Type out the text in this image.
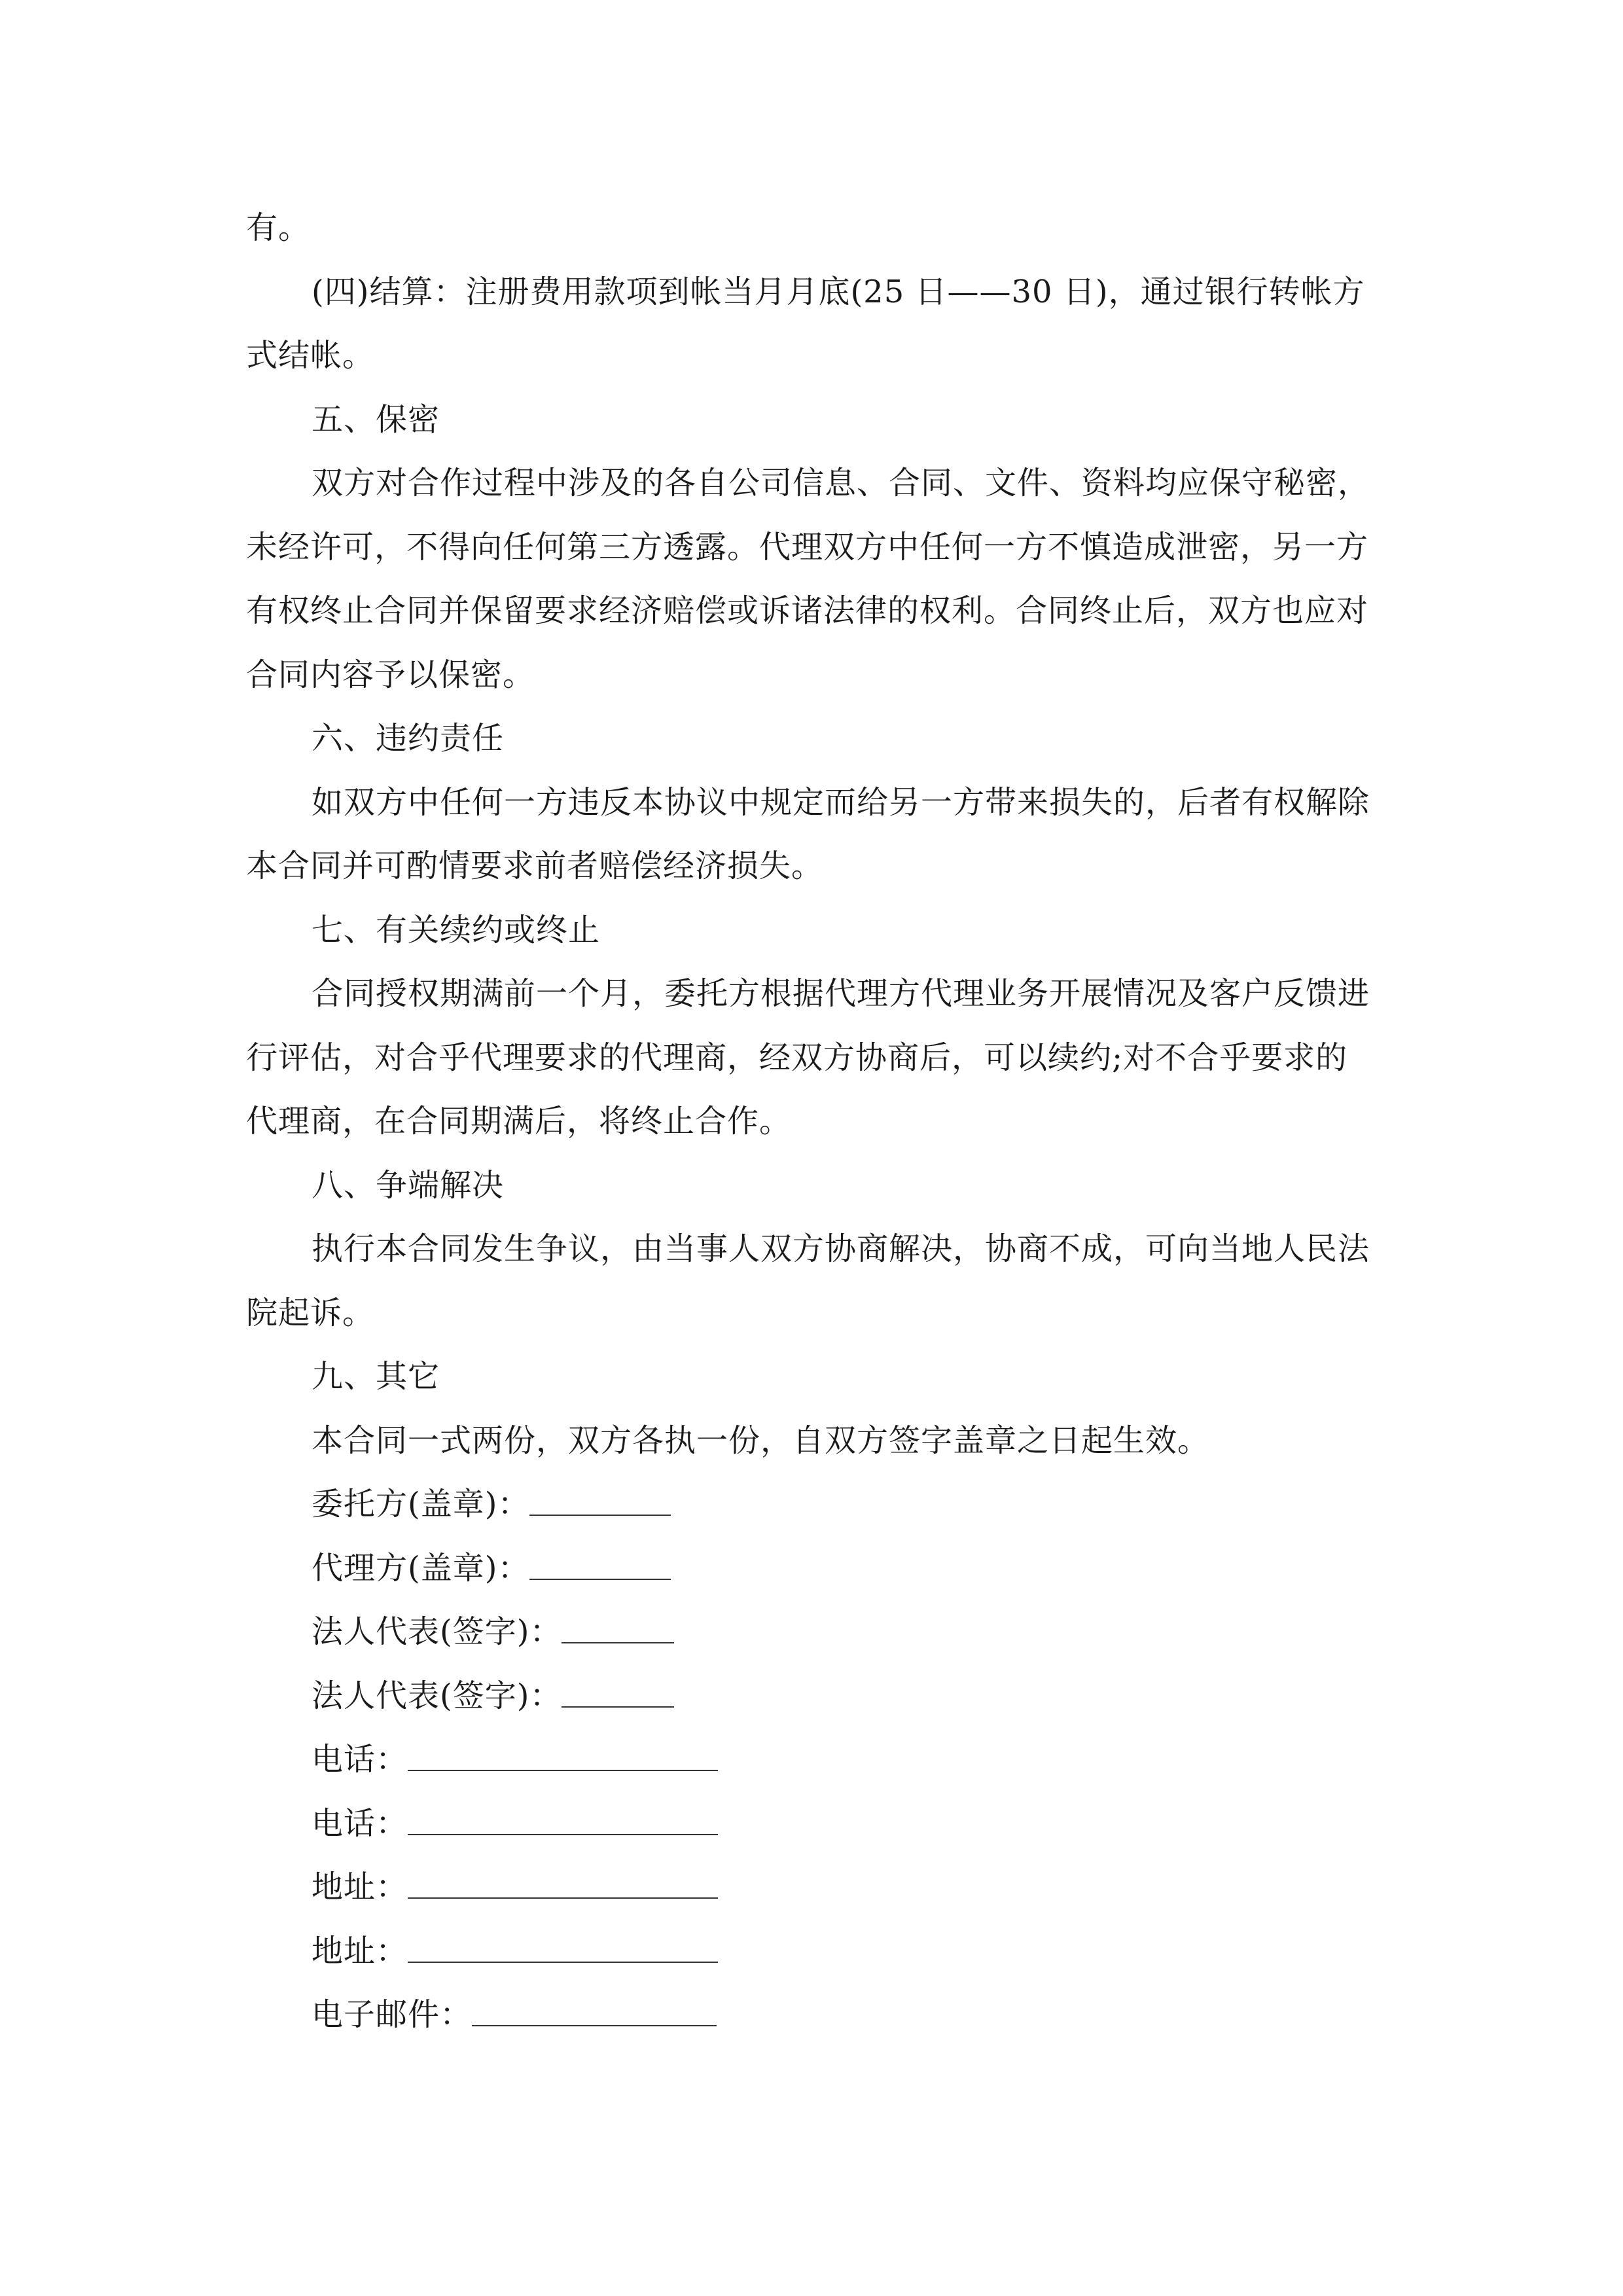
有。
(四)结算：注册费用款项到帐当月月底(25 日——30 日)，通过银行转帐方
式结帐。
五、保密
双方对合作过程中涉及的各自公司信息、合同、文件、资料均应保守秘密，
未经许可，不得向任何第三方透露。代理双方中任何一方不慎造成泄密，另一方
有权终止合同并保留要求经济赔偿或诉诸法律的权利。合同终止后，双方也应对
合同内容予以保密。
六、违约责任
如双方中任何一方违反本协议中规定而给另一方带来损失的，后者有权解除
本合同并可酌情要求前者赔偿经济损失。
七、有关续约或终止
合同授权期满前一个月，委托方根据代理方代理业务开展情况及客户反馈进
行评估，对合乎代理要求的代理商，经双方协商后，可以续约;对不合乎要求的
代理商，在合同期满后，将终止合作。
八、争端解决
执行本合同发生争议，由当事人双方协商解决，协商不成，可向当地人民法
院起诉。
九、其它
本合同一式两份，双方各执一份，自双方签字盖章之日起生效。
委托方(盖章)：
代理方(盖章)：
法人代表(签字)：
法人代表(签字)：
电话：
电话：
地址：
地址：
电子邮件：
